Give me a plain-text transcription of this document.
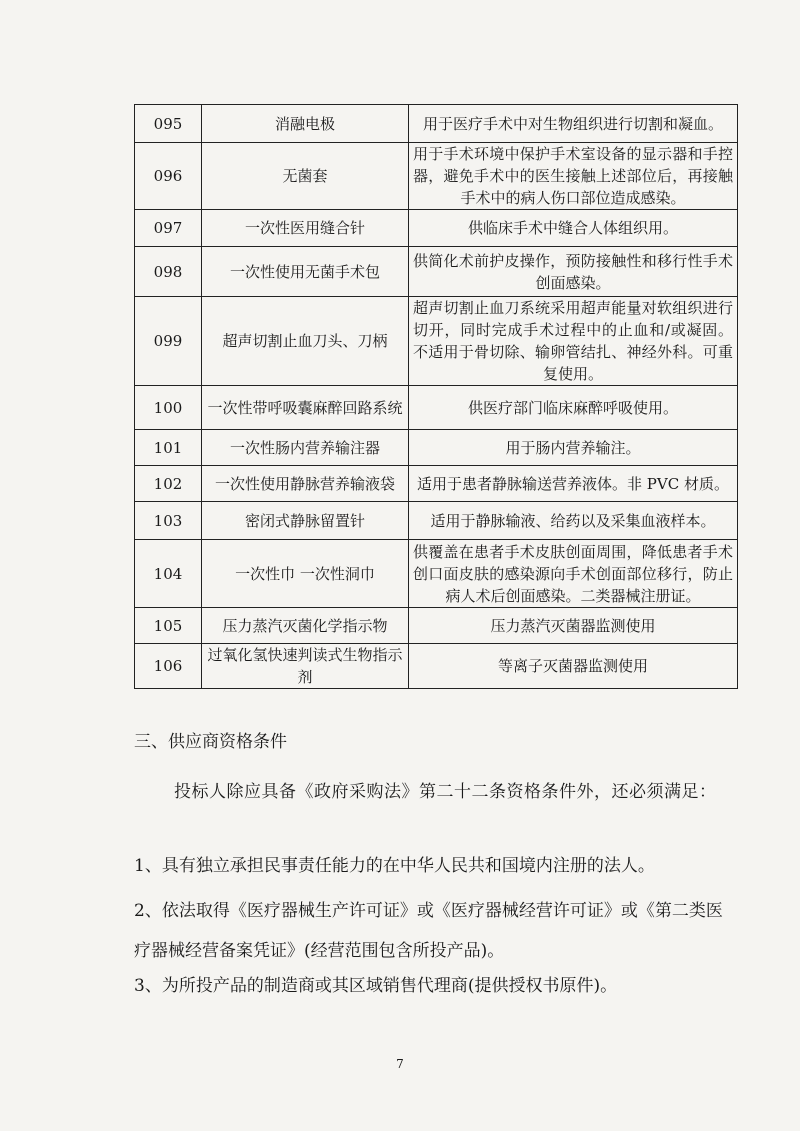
095	消融电极	用于医疗手术中对生物组织进行切割和凝血。
096	无菌套	用于手术环境中保护手术室设备的显示器和手控器，避免手术中的医生接触上述部位后，再接触手术中的病人伤口部位造成感染。
097	一次性医用缝合针	供临床手术中缝合人体组织用。
098	一次性使用无菌手术包	供简化术前护皮操作，预防接触性和移行性手术创面感染。
099	超声切割止血刀头、刀柄	超声切割止血刀系统采用超声能量对软组织进行切开，同时完成手术过程中的止血和/或凝固。不适用于骨切除、输卵管结扎、神经外科。可重复使用。
100	一次性带呼吸囊麻醉回路系统	供医疗部门临床麻醉呼吸使用。
101	一次性肠内营养输注器	用于肠内营养输注。
102	一次性使用静脉营养输液袋	适用于患者静脉输送营养液体。非 PVC 材质。
103	密闭式静脉留置针	适用于静脉输液、给药以及采集血液样本。
104	一次性巾 一次性洞巾	供覆盖在患者手术皮肤创面周围，降低患者手术创口面皮肤的感染源向手术创面部位移行，防止病人术后创面感染。二类器械注册证。
105	压力蒸汽灭菌化学指示物	压力蒸汽灭菌器监测使用
106	过氧化氢快速判读式生物指示剂	等离子灭菌器监测使用
三、供应商资格条件
投标人除应具备《政府采购法》第二十二条资格条件外，还必须满足：
1、具有独立承担民事责任能力的在中华人民共和国境内注册的法人。
2、依法取得《医疗器械生产许可证》或《医疗器械经营许可证》或《第二类医疗器械经营备案凭证》(经营范围包含所投产品)。
3、为所投产品的制造商或其区域销售代理商(提供授权书原件)。
7
